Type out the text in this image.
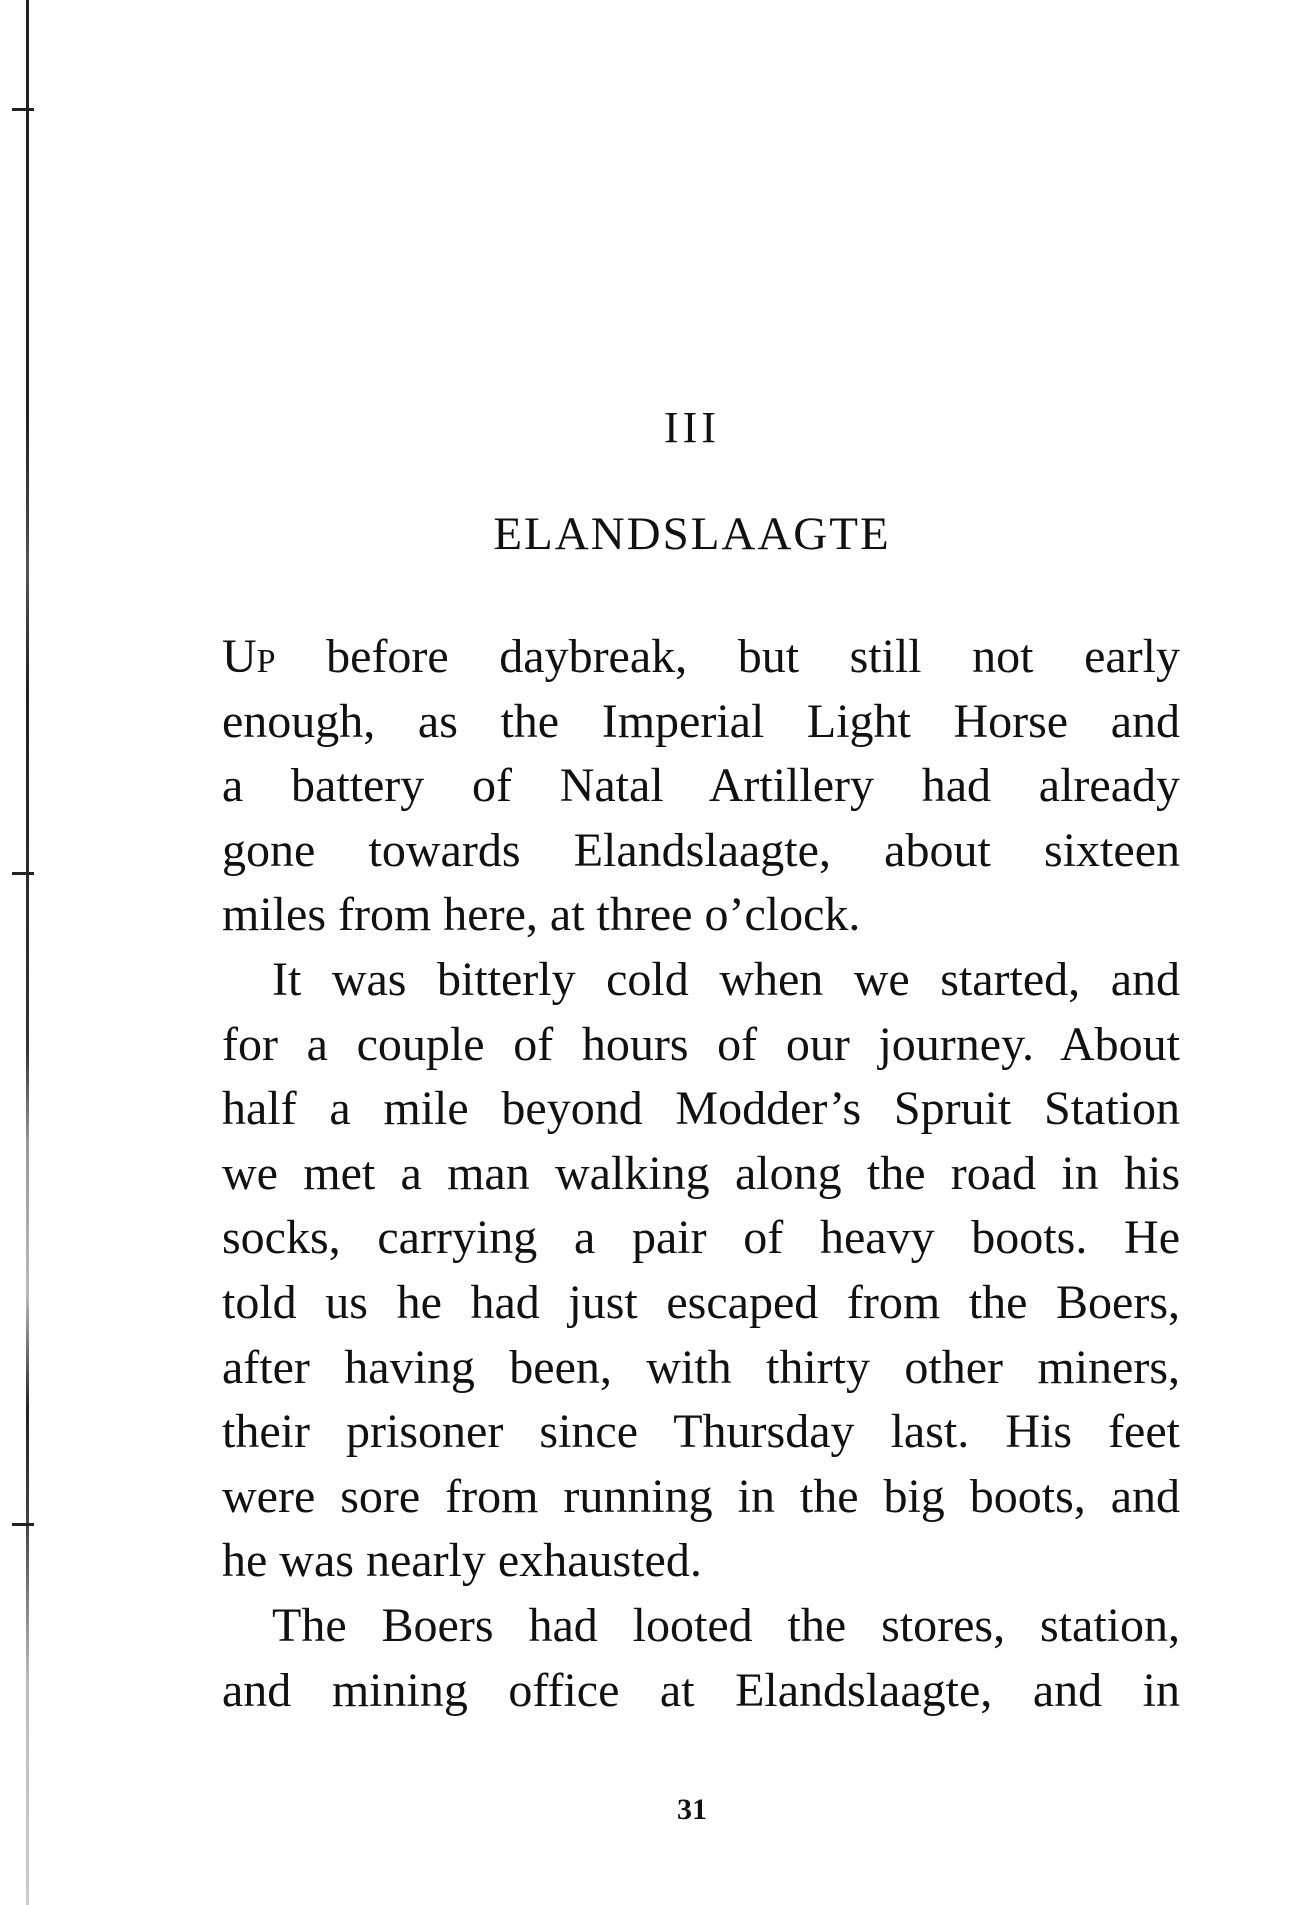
III
ELANDSLAAGTE
UP before daybreak, but still not early
enough, as the Imperial Light Horse and
a battery of Natal Artillery had already
gone towards Elandslaagte, about sixteen
miles from here, at three o’clock.
It was bitterly cold when we started, and
for a couple of hours of our journey. About
half a mile beyond Modder’s Spruit Station
we met a man walking along the road in his
socks, carrying a pair of heavy boots. He
told us he had just escaped from the Boers,
after having been, with thirty other miners,
their prisoner since Thursday last. His feet
were sore from running in the big boots, and
he was nearly exhausted.
The Boers had looted the stores, station,
and mining office at Elandslaagte, and in
31
